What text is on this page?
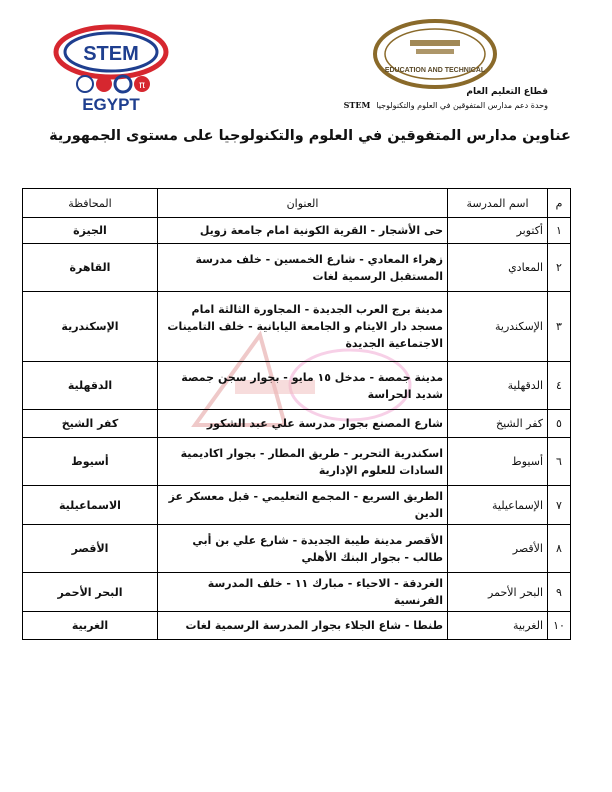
STEM
π
EGYPT
EDUCATION AND TECHNICAL
قطاع التعليم العام
وحدة دعم مدارس المتفوقين في العلوم والتكنولوجياSTEM
عناوين مدارس المتفوقين في العلوم والتكنولوجيا على مستوى الجمهورية
م	اسم المدرسة	العنوان	المحافظة
١	أكتوبر	حى الأشجار - القرية الكونية امام جامعة زويل	الجيزة
٢	المعادي	زهراء المعادي - شارع الخمسين - خلف مدرسة المستقبل الرسمية لغات	القاهرة
٣	الإسكندرية	مدينة برج العرب الجديدة - المجاورة الثالثة امام مسجد دار الايتام و الجامعة اليابانية - خلف التامينات الاجتماعية الجديدة	الإسكندرية
٤	الدقهلية	مدينة جمصة - مدخل ١٥ مايو - بجوار سجن جمصة شديد الحراسة	الدقهلية
٥	كفر الشيخ	شارع المصنع بجوار مدرسة علي عبد الشكور	كفر الشيخ
٦	أسيوط	اسكندرية التحرير - طريق المطار - بجوار اكاديمية السادات للعلوم الإدارية	أسيوط
٧	الإسماعيلية	الطريق السريع - المجمع التعليمي - قبل معسكر عز الدين	الاسماعيلية
٨	الأقصر	الأقصر مدينة طيبة الجديدة - شارع علي بن أبي طالب - بجوار البنك الأهلي	الأقصر
٩	البحر الأحمر	الغردقة - الاحياء - مبارك ١١ - خلف المدرسة الفرنسية	البحر الأحمر
١٠	الغربية	طنطا - شاع الجلاء بجوار المدرسة الرسمية لغات	الغربية
